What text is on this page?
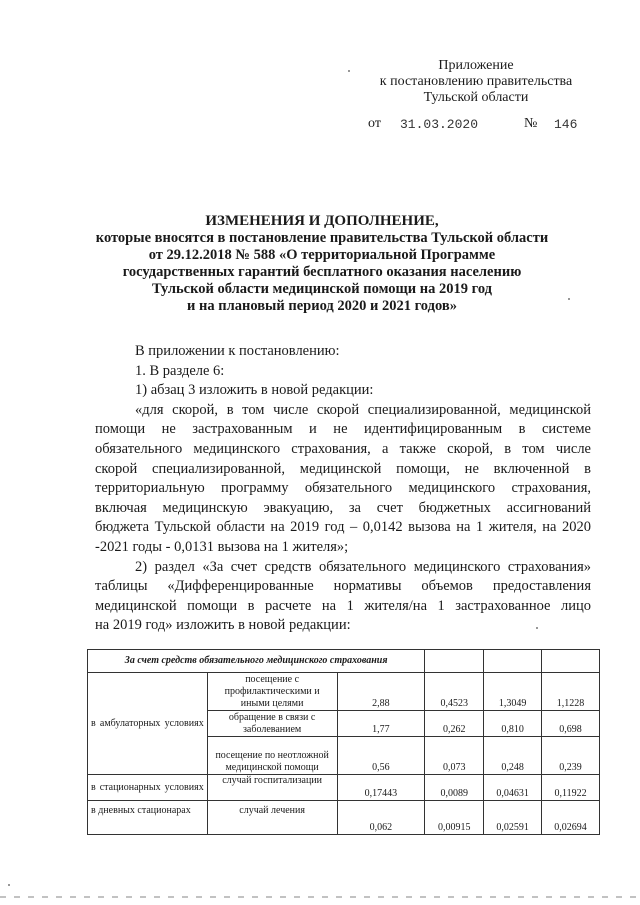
Приложение
к постановлению правительства
Тульской области
от 31.03.2020	№ 146
ИЗМЕНЕНИЯ И ДОПОЛНЕНИЕ,
которые вносятся в постановление правительства Тульской области
от 29.12.2018 № 588 «О территориальной Программе
государственных гарантий бесплатного оказания населению
Тульской области медицинской помощи на 2019 год
и на плановый период 2020 и 2021 годов»

В приложении к постановлению:

1. В разделе 6:

1) абзац 3 изложить в новой редакции:

«для скорой, в том числе скорой специализированной, медицинской

помощи не застрахованным и не идентифицированным в системе

обязательного медицинского страхования, а также скорой, в том числе

скорой специализированной, медицинской помощи, не включенной в

территориальную программу обязательного медицинского страхования,

включая медицинскую эвакуацию, за счет бюджетных ассигнований

бюджета Тульской области на 2019 год – 0,0142 вызова на 1 жителя, на 2020

-2021 годы - 0,0131 вызова на 1 жителя»;

2) раздел «За счет средств обязательного медицинского страхования»

таблицы «Дифференцированные нормативы объемов предоставления

медицинской помощи в расчете на 1 жителя/на 1 застрахованное лицо

на 2019 год» изложить в новой редакции:

За счет средств обязательного медицинского страхования					
в амбулаторных условиях	посещение с профилактическими и иными целями	2,88	0,4523	1,3049	1,1228
	обращение в связи с заболеванием	1,77	0,262	0,810	0,698
	посещение по неотложной медицинской помощи	0,56	0,073	0,248	0,239
в стационарных условиях	случай госпитализации	0,17443	0,0089	0,04631	0,11922
в дневных стационарах	случай лечения	0,062	0,00915	0,02591	0,02694
